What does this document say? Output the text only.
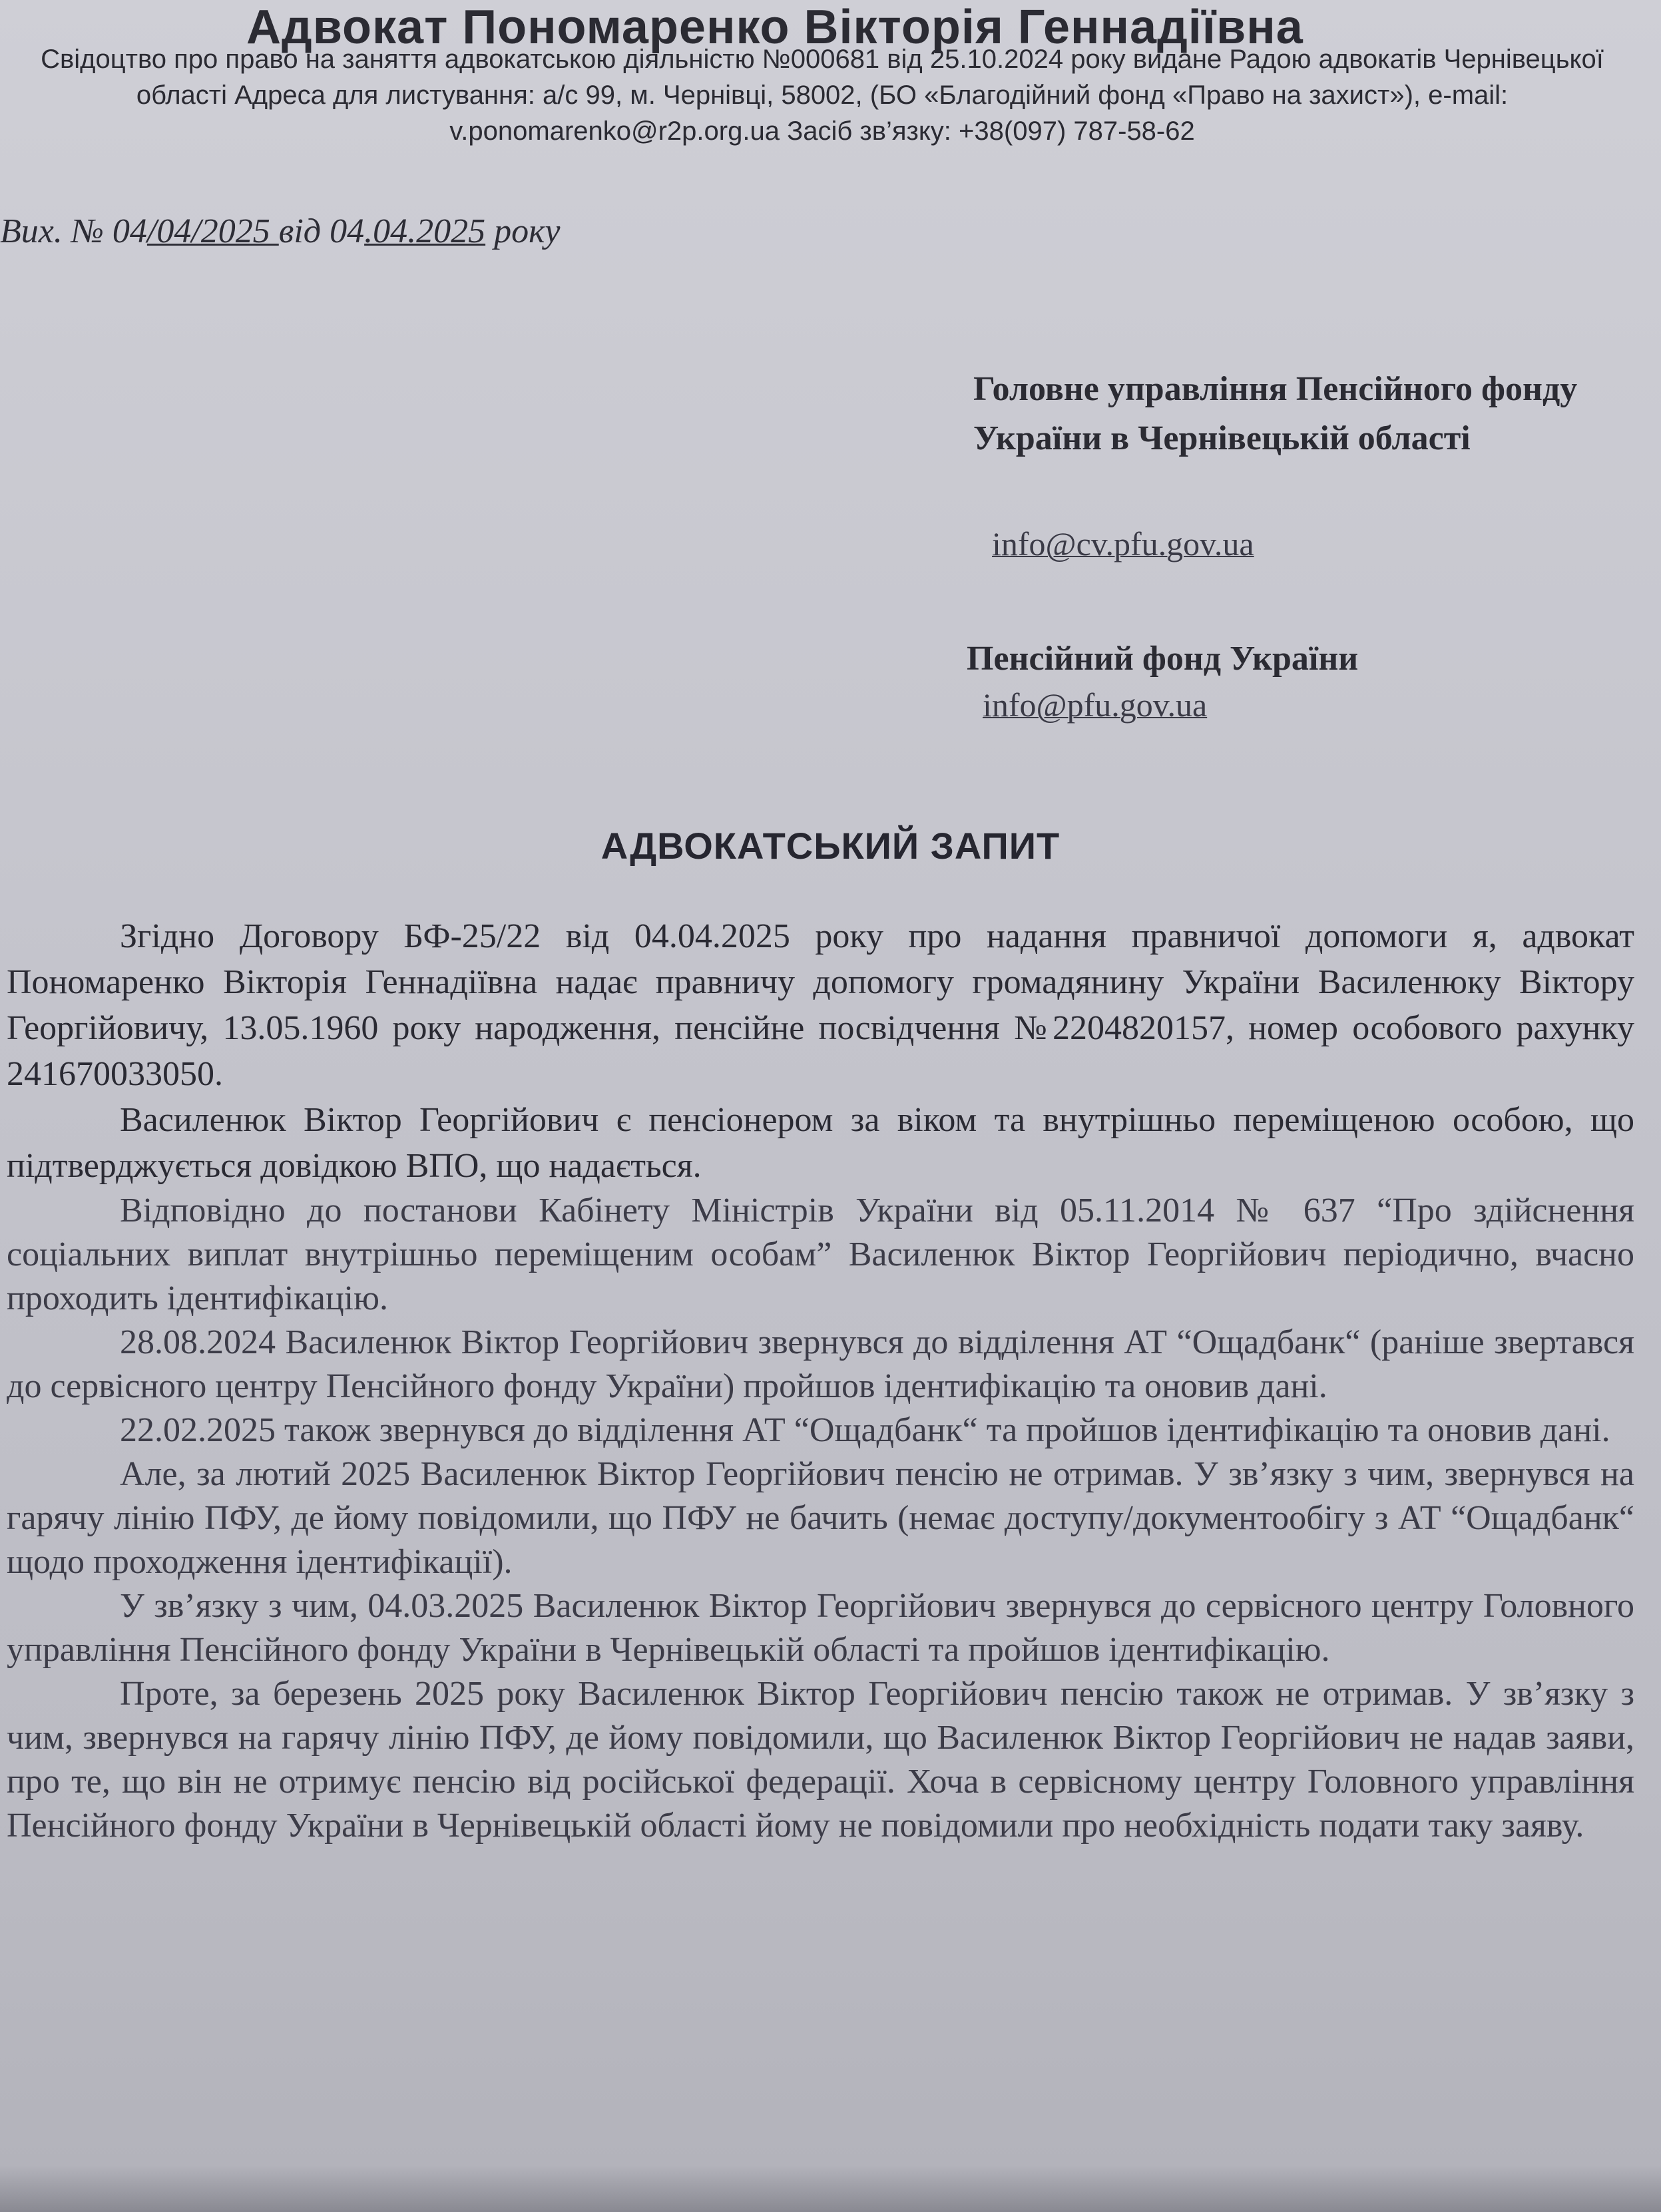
Адвокат Пономаренко Вікторія Геннадіївна
Свідоцтво про право на заняття адвокатською діяльністю №000681 від 25.10.2024 року видане Радою адвокатів Чернівецької області Адреса для листування: а/с 99, м. Чернівці, 58002, (БО «Благодійний фонд «Право на захист»), e-mail: v.ponomarenko@r2p.org.ua Засіб зв’язку: +38(097) 787-58-62
Вих. № 04/04/2025 від 04.04.2025 року
Головне управління Пенсійного фонду України в Чернівецькій області
info@cv.pfu.gov.ua
Пенсійний фонд України
info@pfu.gov.ua
АДВОКАТСЬКИЙ ЗАПИТ

Згідно Договору БФ-25/22 від 04.04.2025 року про надання правничої допомоги я, адвокат Пономаренко Вікторія Геннадіївна надає правничу допомогу громадянину України Василенюку Віктору Георгійовичу, 13.05.1960 року народження, пенсійне посвідчення №2204820157, номер особового рахунку 241670033050.

Василенюк Віктор Георгійович є пенсіонером за віком та внутрішньо переміщеною особою, що підтверджується довідкою ВПО, що надається.

Відповідно до постанови Кабінету Міністрів України від 05.11.2014 № 637 “Про здійснення соціальних виплат внутрішньо переміщеним особам” Василенюк Віктор Георгійович періодично, вчасно проходить ідентифікацію.

28.08.2024 Василенюк Віктор Георгійович звернувся до відділення АТ “Ощадбанк“ (раніше звертався до сервісного центру Пенсійного фонду України) пройшов ідентифікацію та оновив дані.

22.02.2025 також звернувся до відділення АТ “Ощадбанк“ та пройшов ідентифікацію та оновив дані.

Але, за лютий 2025 Василенюк Віктор Георгійович пенсію не отримав. У зв’язку з чим, звернувся на гарячу лінію ПФУ, де йому повідомили, що ПФУ не бачить (немає доступу/документообігу з АТ “Ощадбанк“ щодо проходження ідентифікації).

У зв’язку з чим, 04.03.2025 Василенюк Віктор Георгійович звернувся до сервісного центру Головного управління Пенсійного фонду України в Чернівецькій області та пройшов ідентифікацію.

Проте, за березень 2025 року Василенюк Віктор Георгійович пенсію також не отримав. У зв’язку з чим, звернувся на гарячу лінію ПФУ, де йому повідомили, що Василенюк Віктор Георгійович не надав заяви, про те, що він не отримує пенсію від російської федерації. Хоча в сервісному центру Головного управління Пенсійного фонду України в Чернівецькій області йому не повідомили про необхідність подати таку заяву.
